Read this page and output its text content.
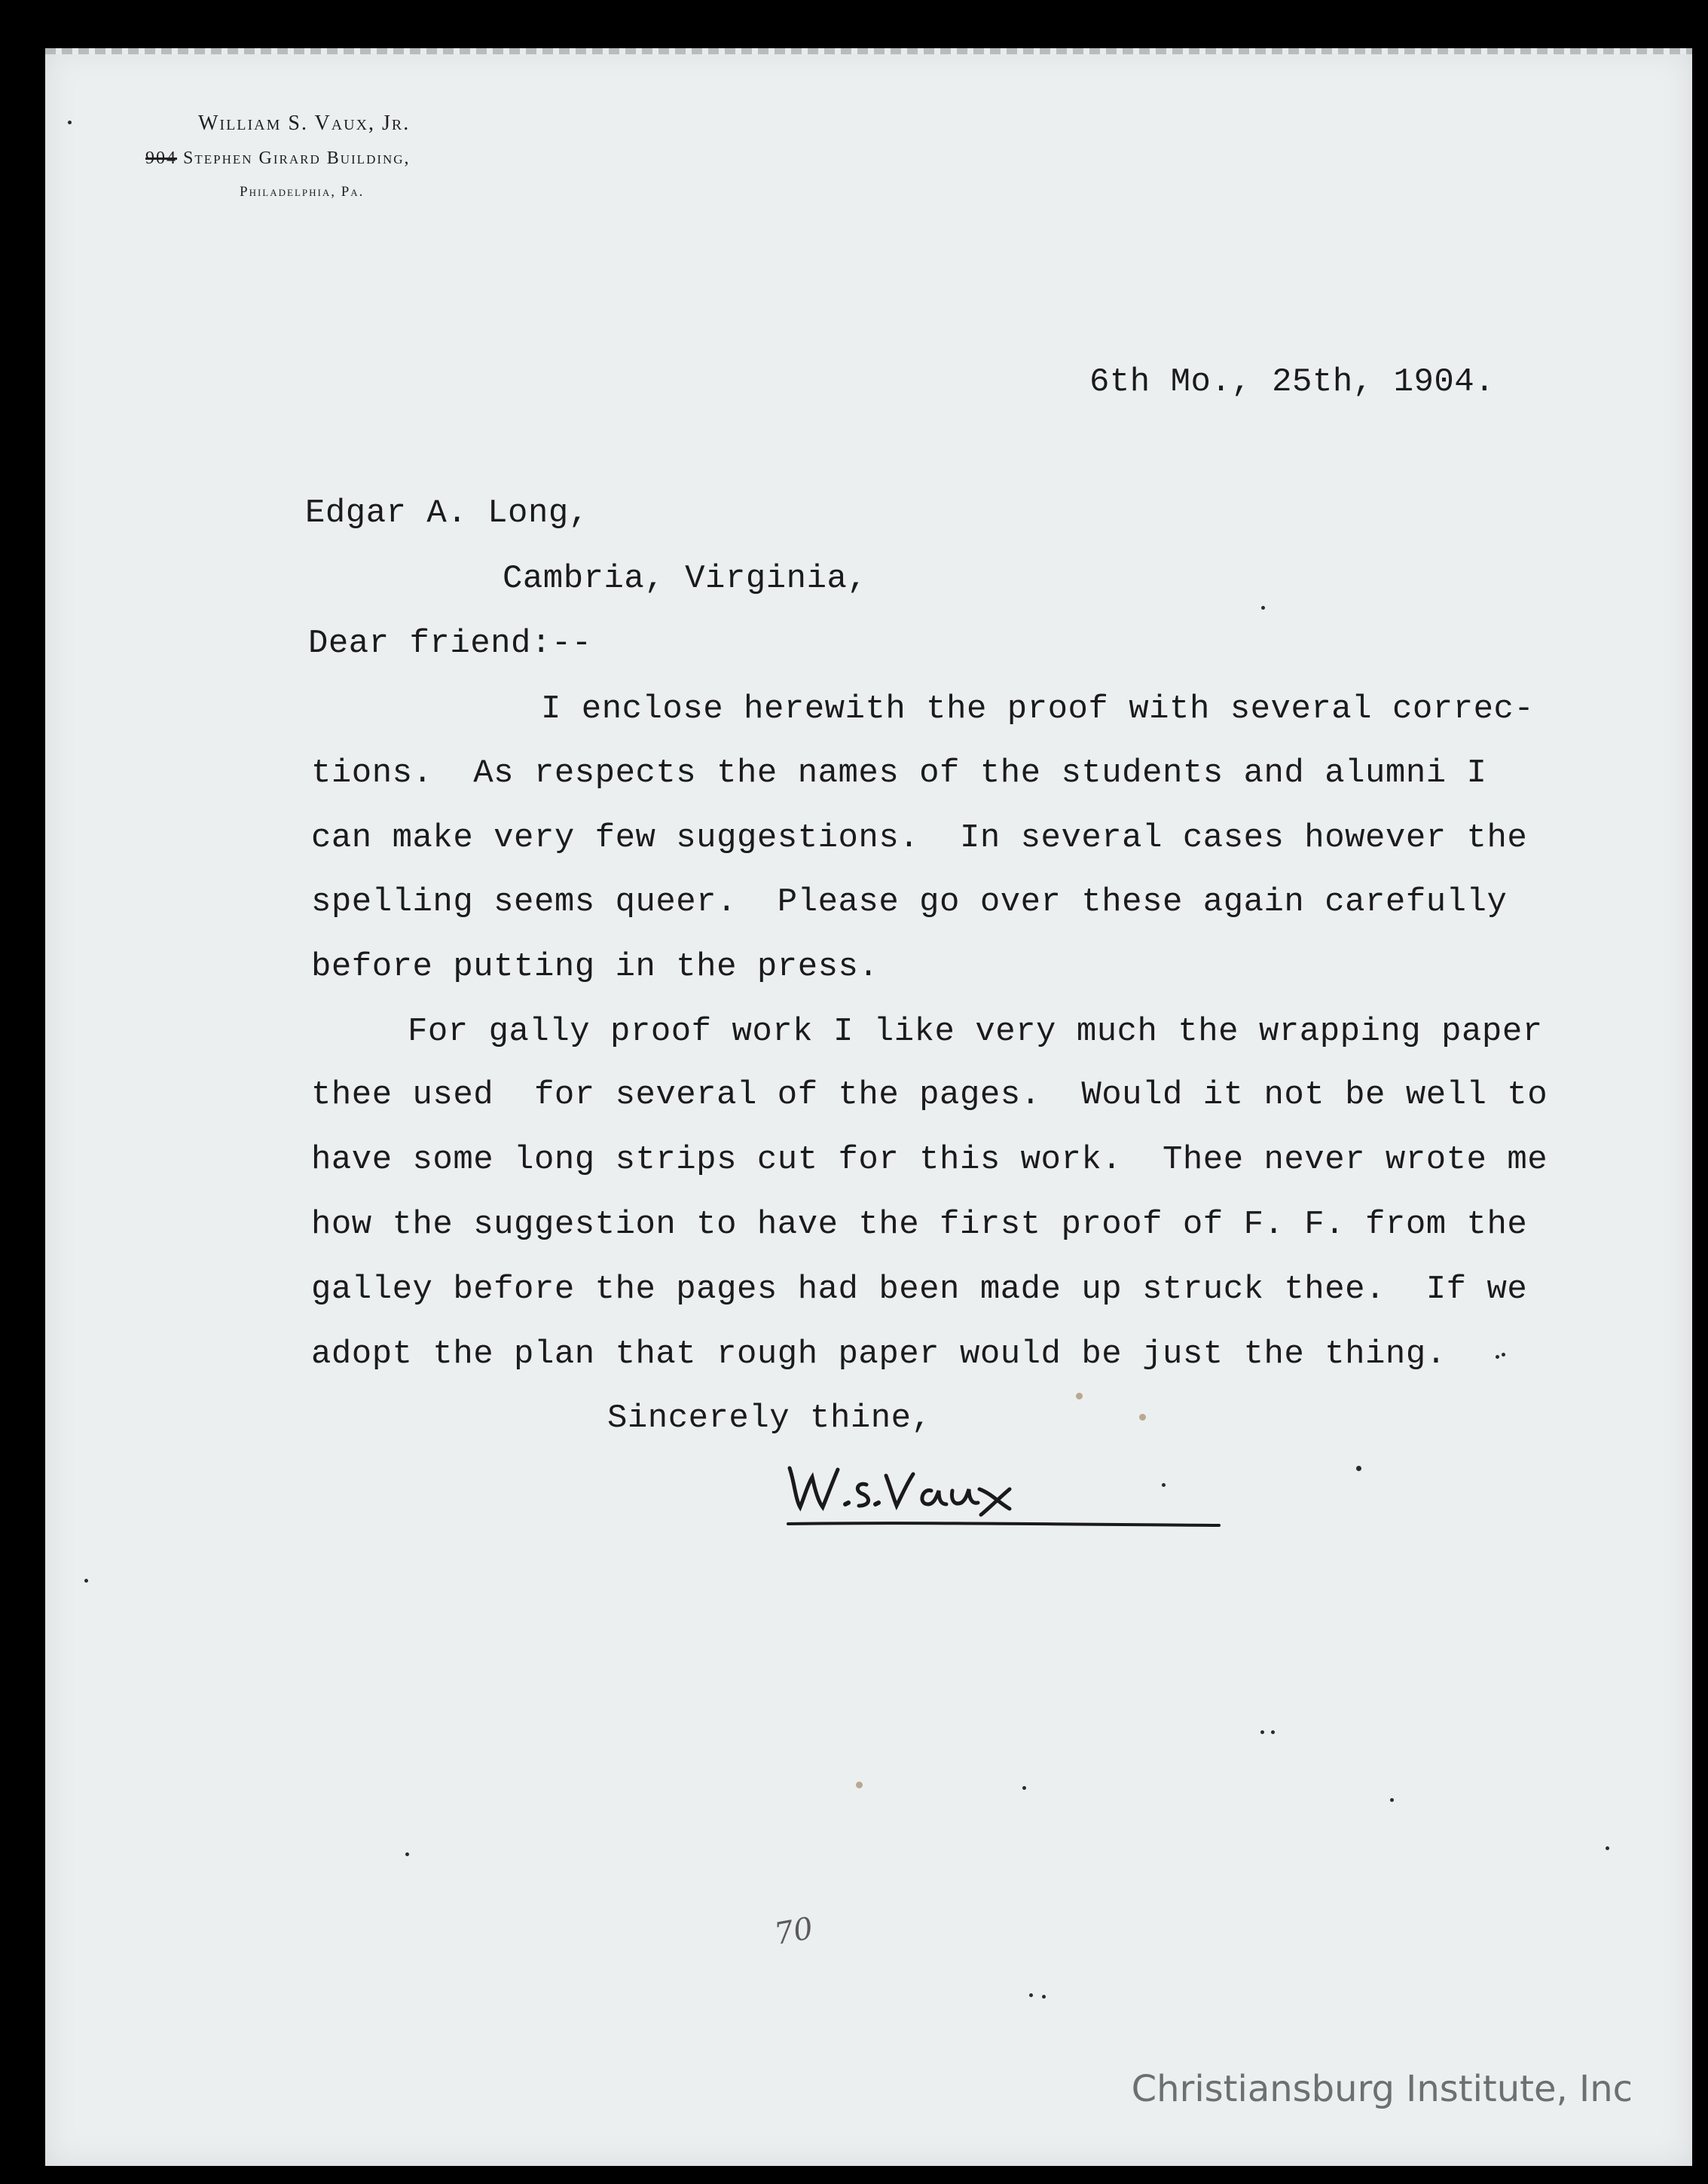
William S. Vaux, Jr.
904 Stephen Girard Building,
Philadelphia, Pa.
6th Mo., 25th, 1904.
Edgar A. Long,
Cambria, Virginia,
Dear friend:--
I enclose herewith the proof with several correc-
tions.  As respects the names of the students and alumni I
can make very few suggestions.  In several cases however the
spelling seems queer.  Please go over these again carefully
before putting in the press.
For gally proof work I like very much the wrapping paper
thee used  for several of the pages.  Would it not be well to
have some long strips cut for this work.  Thee never wrote me
how the suggestion to have the first proof of F. F. from the
galley before the pages had been made up struck thee.  If we
adopt the plan that rough paper would be just the thing.
Sincerely thine,
70
Christiansburg Institute, Inc
